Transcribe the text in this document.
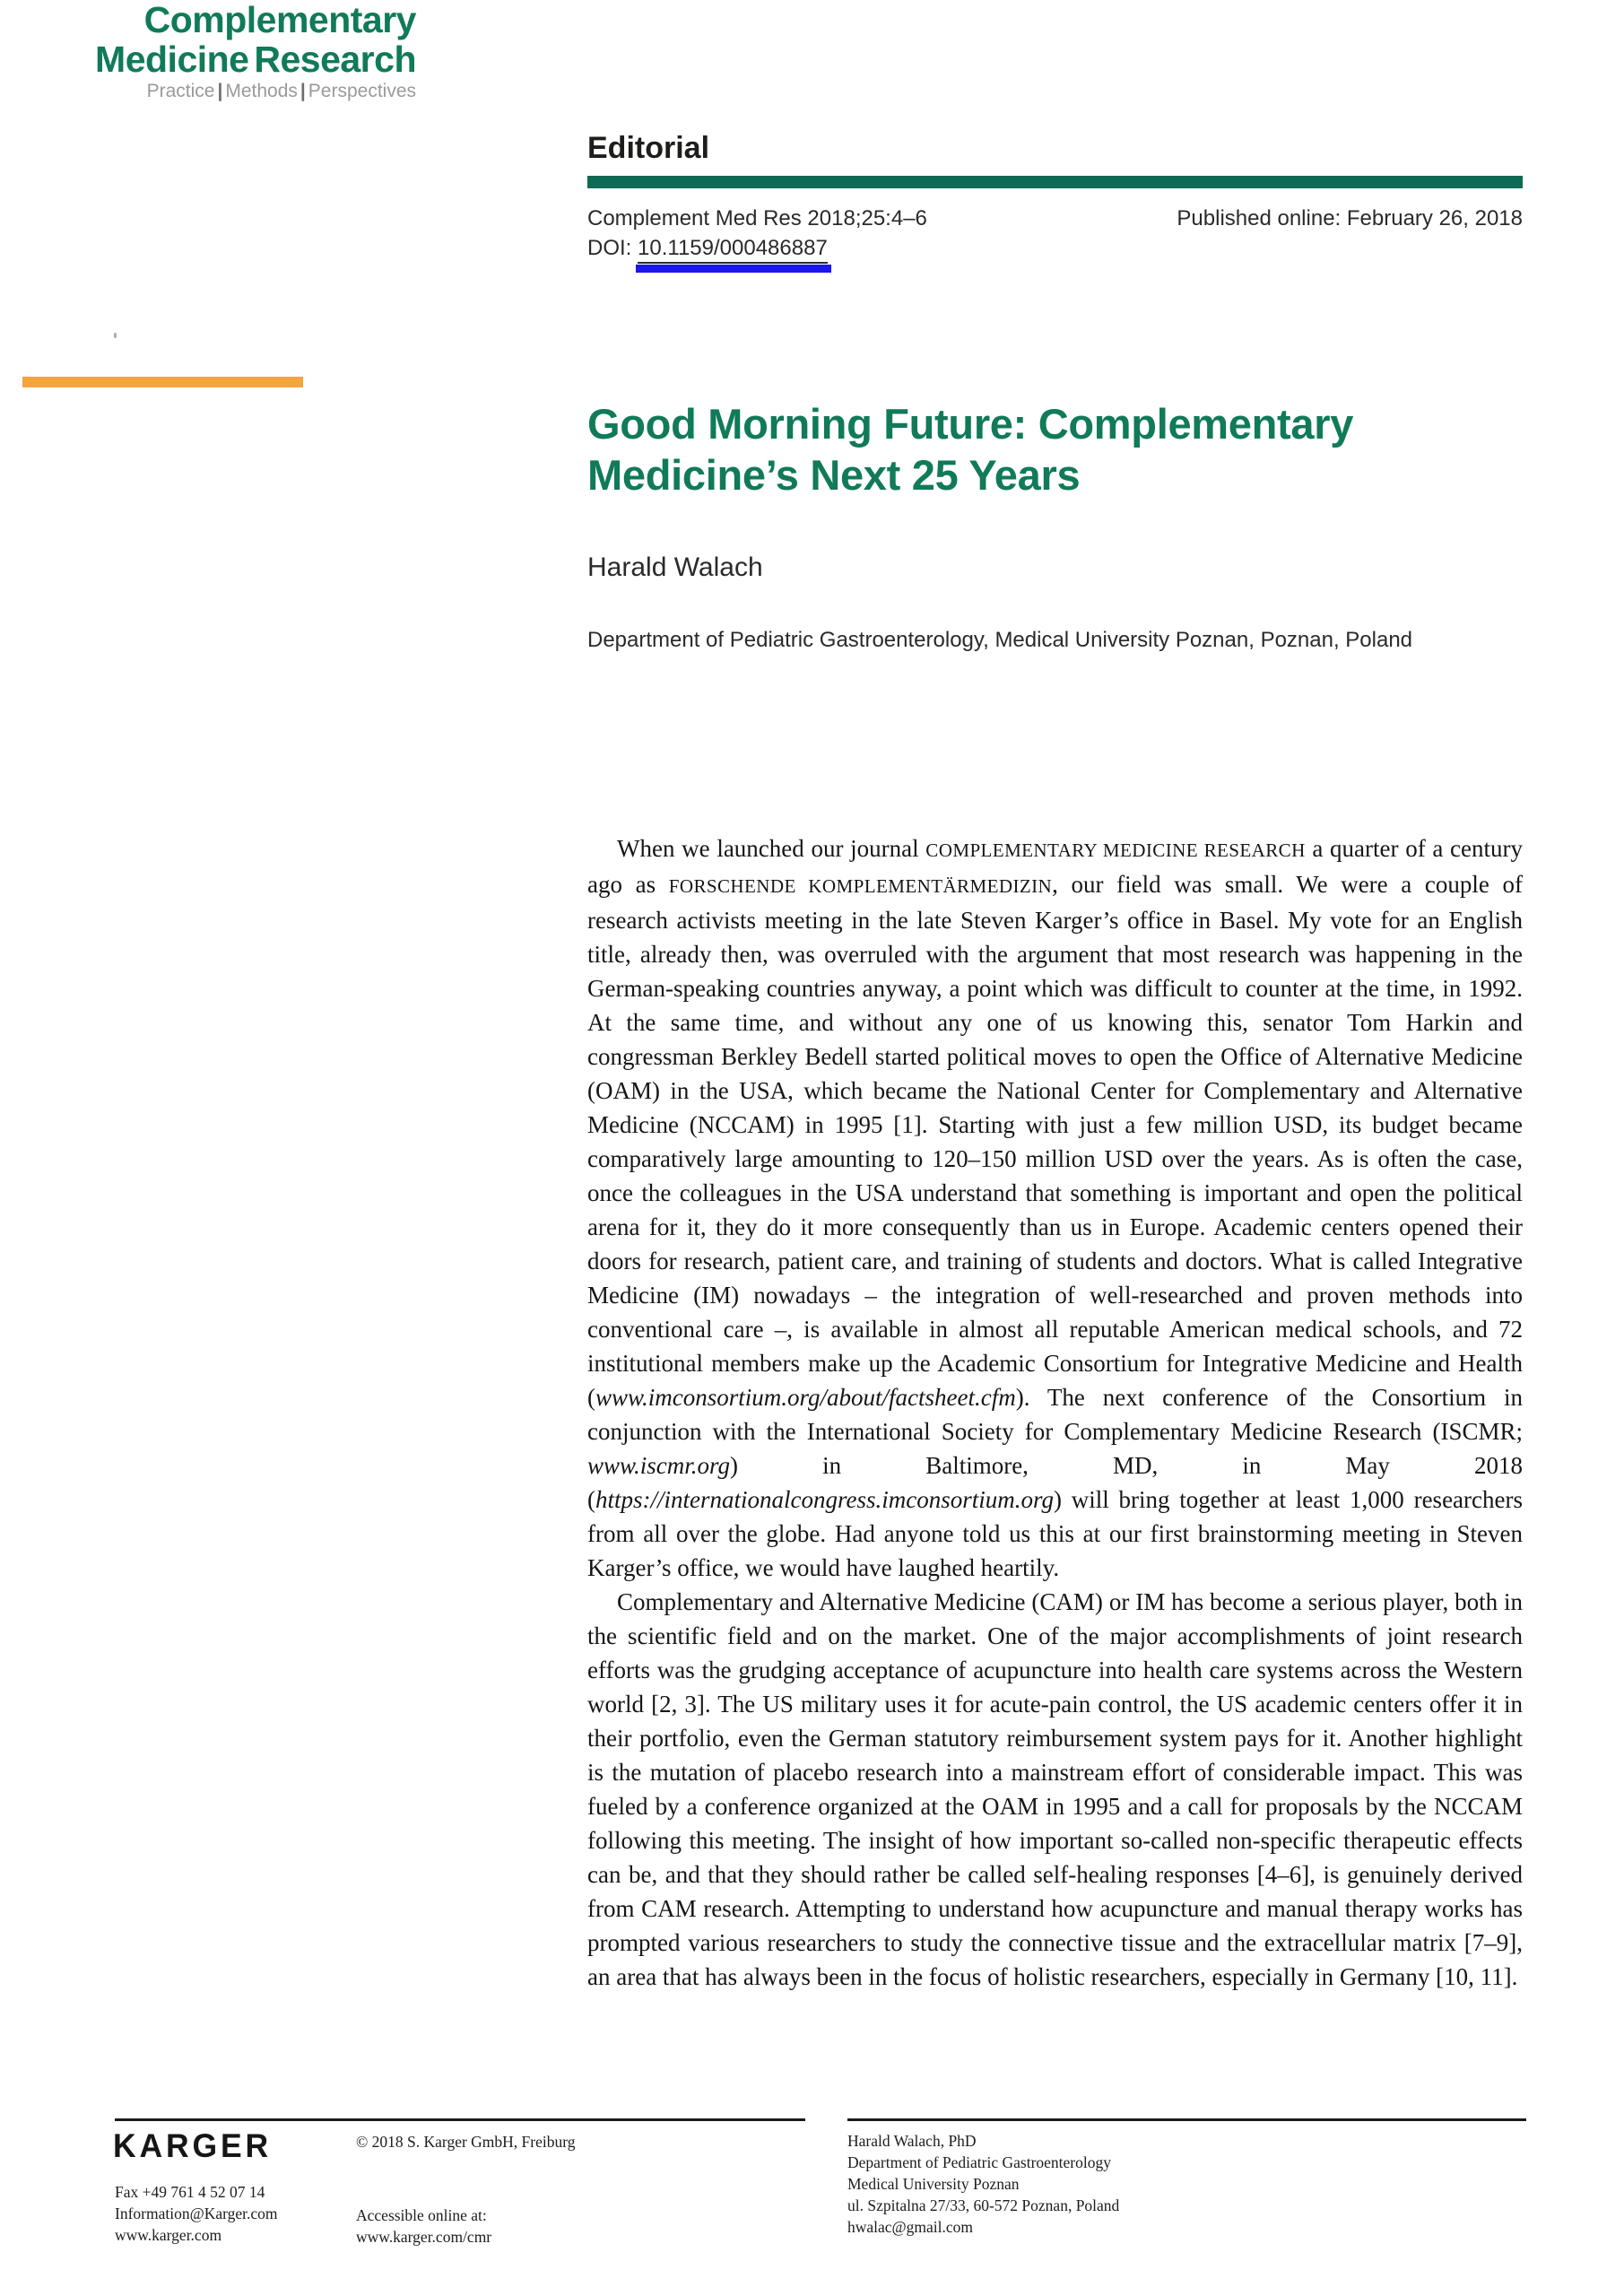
Complementary
Medicine Research
Practice | Methods | Perspectives
Editorial
Complement Med Res 2018;25:4–6	Published online: February 26, 2018
DOI: 10.1159/000486887
Good Morning Future: Complementary
Medicine’s Next 25 Years
Harald Walach
Department of Pediatric Gastroenterology, Medical University Poznan, Poznan, Poland

When we launched our journal COMPLEMENTARY MEDICINE RESEARCH a quarter of a century ago as FORSCHENDE KOMPLEMENTÄRMEDIZIN, our field was small. We were a couple of research activists meeting in the late Steven Karger’s office in Basel. My vote for an English title, already then, was overruled with the argument that most research was happening in the German-speaking countries anyway, a point which was difficult to counter at the time, in 1992. At the same time, and without any one of us knowing this, senator Tom Harkin and congressman Berkley Bedell started political moves to open the Office of Alternative Medicine (OAM) in the USA, which became the National Center for Complementary and Alternative Medicine (NCCAM) in 1995 [1]. Starting with just a few million USD, its budget became comparatively large amounting to 120–150 million USD over the years. As is often the case, once the colleagues in the USA understand that something is important and open the political arena for it, they do it more consequently than us in Europe. Academic centers opened their doors for research, patient care, and training of students and doctors. What is called Integrative Medicine (IM) nowadays – the integration of well-researched and proven methods into conventional care –, is available in almost all reputable American medical schools, and 72 institutional members make up the Academic Consortium for Integrative Medicine and Health (www.imconsortium.org/about/factsheet.cfm). The next conference of the Consortium in conjunction with the International Society for Complementary Medicine Research (ISCMR; www.iscmr.org) in Baltimore, MD, in May 2018 (https://internationalcongress.imconsortium.org) will bring together at least 1,000 researchers from all over the globe. Had anyone told us this at our first brainstorming meeting in Steven Karger’s office, we would have laughed heartily.

Complementary and Alternative Medicine (CAM) or IM has become a serious player, both in the scientific field and on the market. One of the major accomplishments of joint research efforts was the grudging acceptance of acupuncture into health care systems across the Western world [2, 3]. The US military uses it for acute-pain control, the US academic centers offer it in their portfolio, even the German statutory reimbursement system pays for it. Another highlight is the mutation of placebo research into a mainstream effort of considerable impact. This was fueled by a conference organized at the OAM in 1995 and a call for proposals by the NCCAM following this meeting. The insight of how important so-called non-specific therapeutic effects can be, and that they should rather be called self-healing responses [4–6], is genuinely derived from CAM research. Attempting to understand how acupuncture and manual therapy works has prompted various researchers to study the connective tissue and the extracellular matrix [7–9], an area that has always been in the focus of holistic researchers, especially in Germany [10, 11].

KARGER
Fax +49 761 4 52 07 14
Information@Karger.com
www.karger.com
© 2018 S. Karger GmbH, Freiburg
Accessible online at:
www.karger.com/cmr
Harald Walach, PhD
Department of Pediatric Gastroenterology
Medical University Poznan
ul. Szpitalna 27/33, 60-572 Poznan, Poland
hwalac@gmail.com
